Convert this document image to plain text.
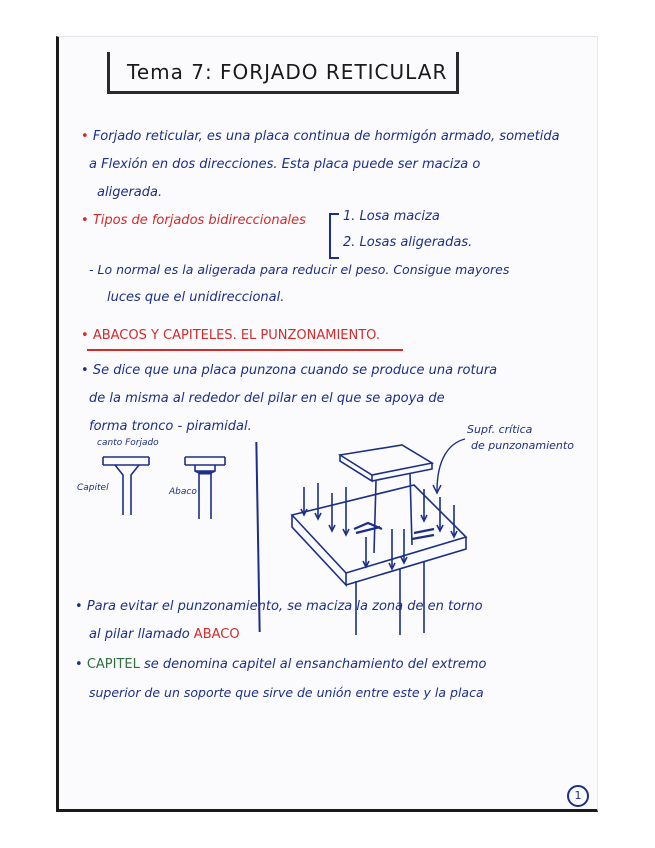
Tema 7: FORJADO RETICULAR
• Forjado reticular, es una placa continua de hormigón armado, sometida
a Flexión en dos direcciones. Esta placa puede ser maciza o
aligerada.
• Tipos de forjados bidireccionales	1. Losa maciza
2. Losas aligeradas.
- Lo normal es la aligerada para reducir el peso. Consigue mayores
luces que el unidireccional.
• ABACOS Y CAPITELES. EL PUNZONAMIENTO.
• Se dice que una placa punzona cuando se produce una rotura
de la misma al rededor del pilar en el que se apoya de
forma tronco - piramidal.
canto Forjado
Capitel	Abaco
Supf. crítica
de punzonamiento
• Para evitar el punzonamiento, se maciza la zona de en torno
al pilar llamado ABACO
• CAPITEL se denomina capitel al ensanchamiento del extremo
superior de un soporte que sirve de unión entre este y la placa
1
